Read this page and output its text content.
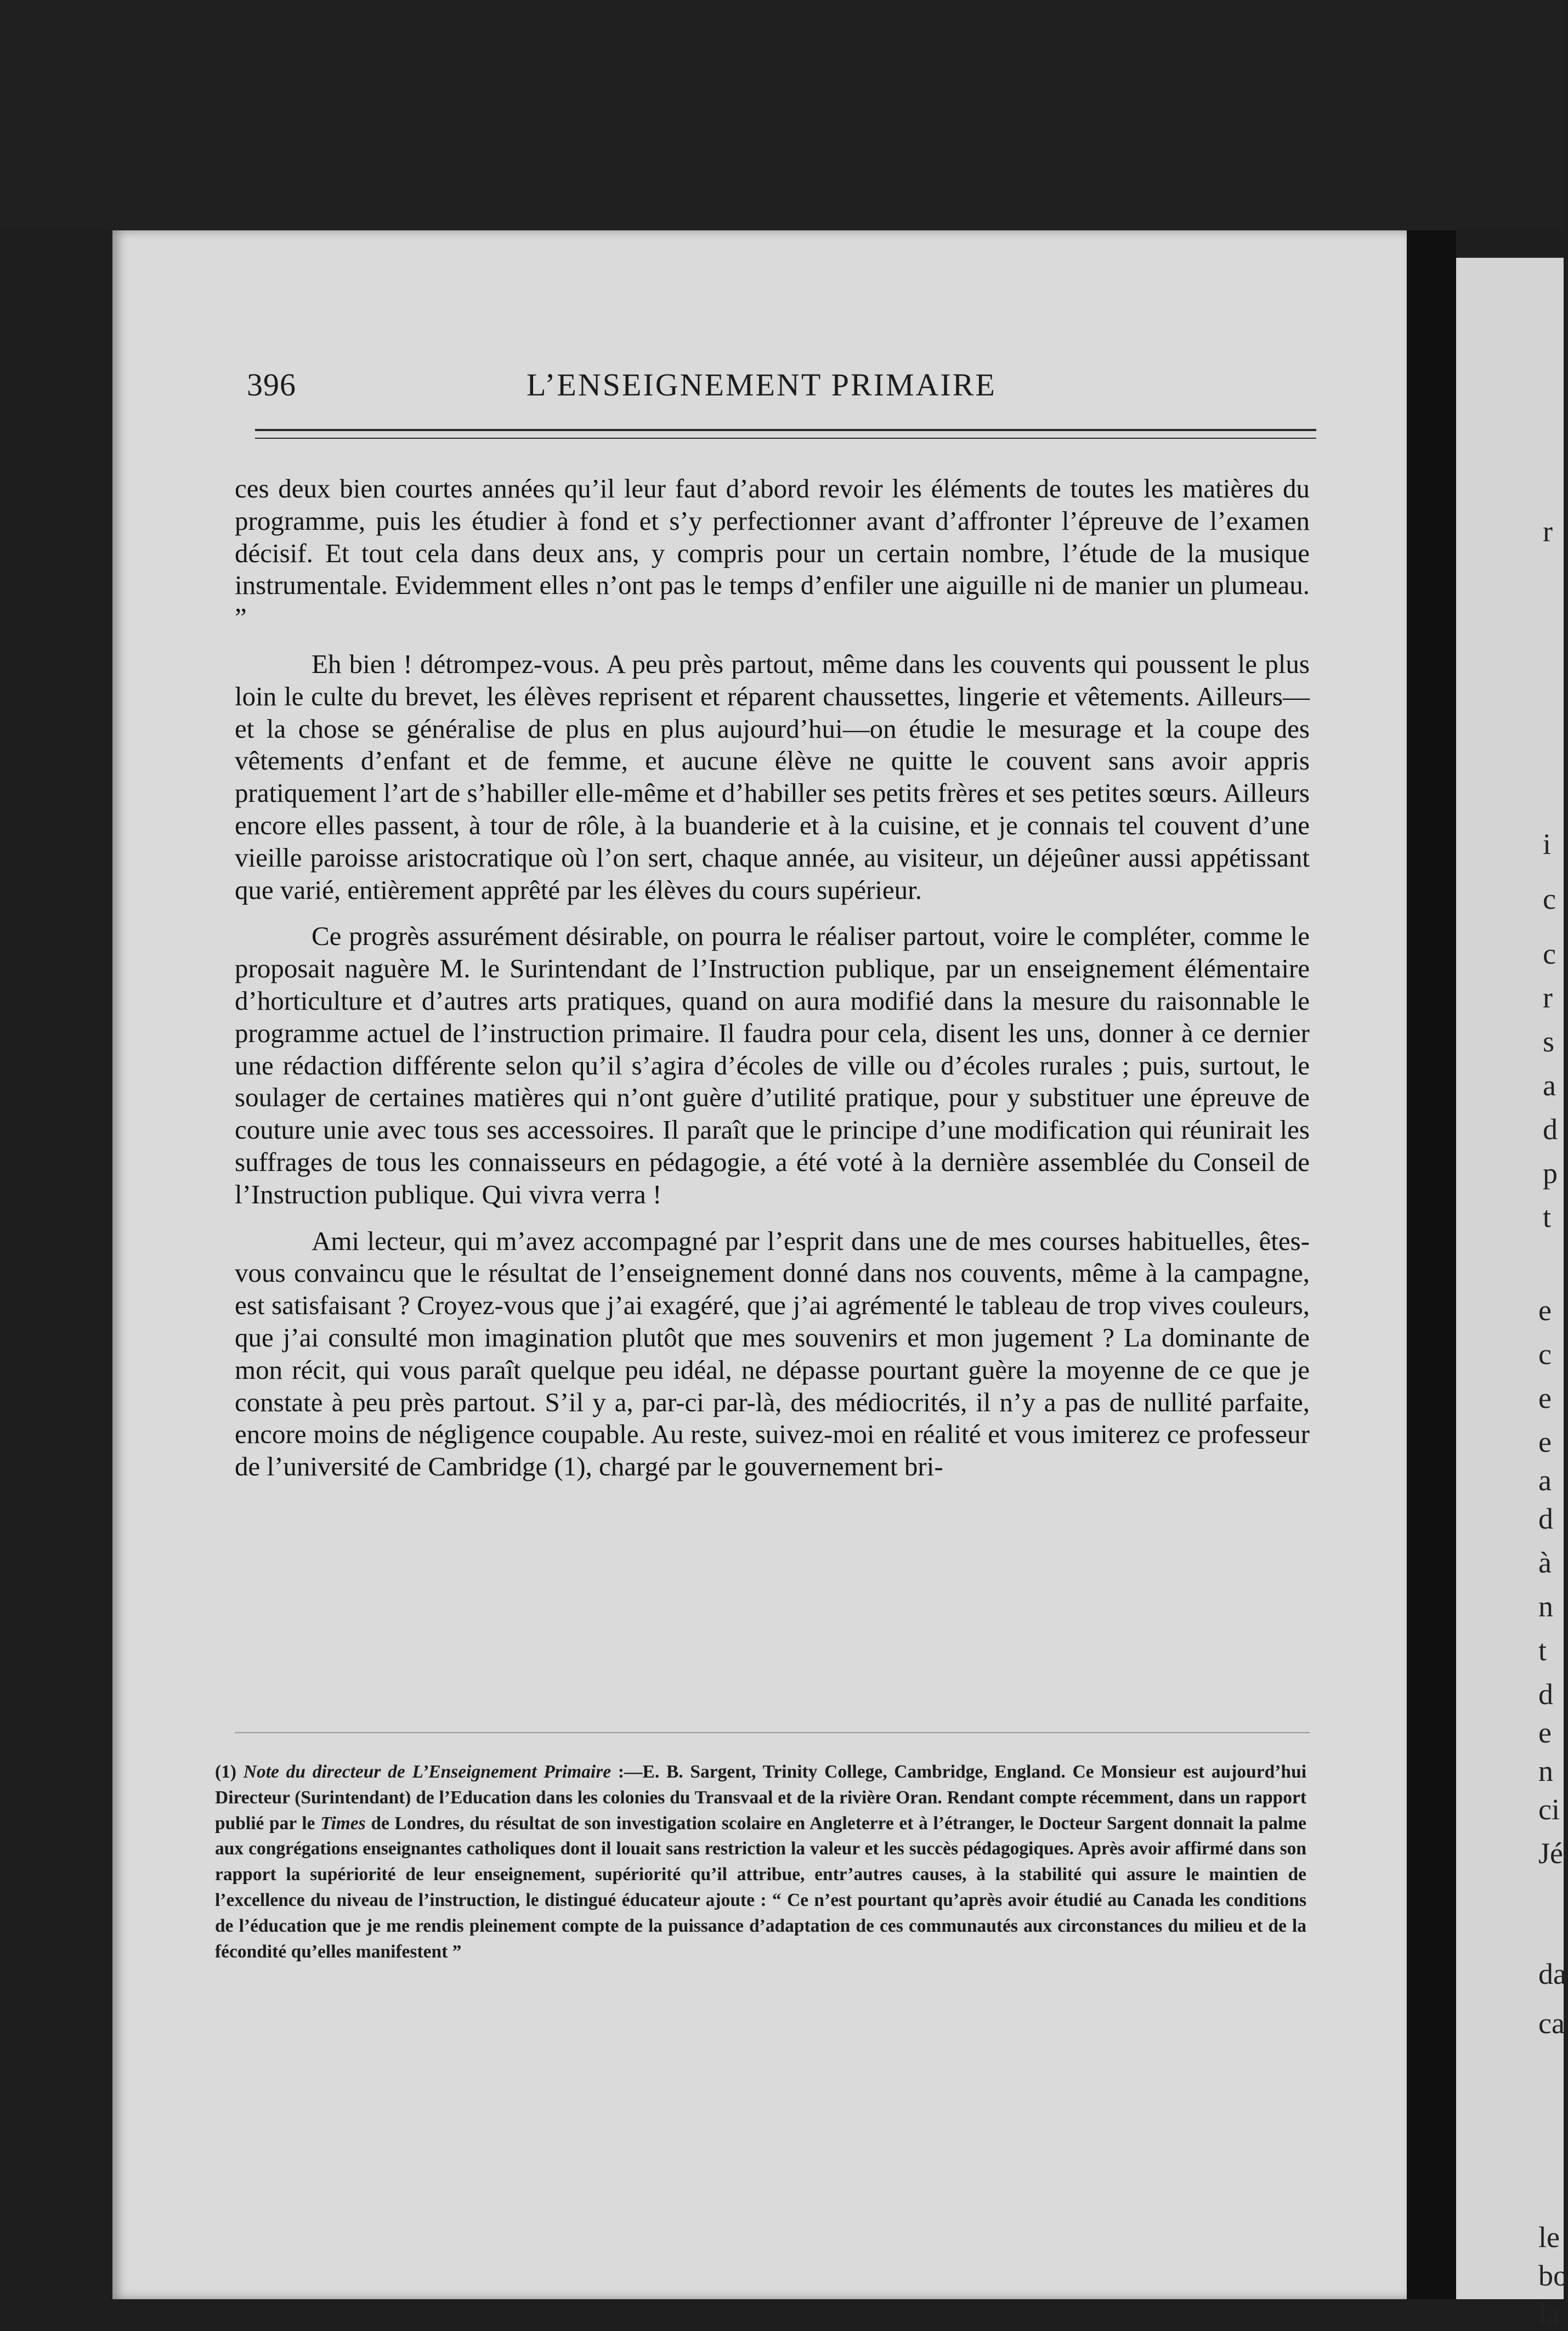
r
i
c
c
r
s
a
d
p
t
e
c
e
e
a
d
à
n
t
d
e
n
ci
Jé
da
ca
le
bo
la
396	L’ENSEIGNEMENT PRIMAIRE

ces deux bien courtes années qu’il leur faut d’abord revoir les éléments de toutes les matières du programme, puis les étudier à fond et s’y perfectionner avant d’affronter l’épreuve de l’examen décisif. Et tout cela dans deux ans, y compris pour un certain nombre, l’étude de la musique instrumentale. Evidemment elles n’ont pas le temps d’enfiler une aiguille ni de manier un plumeau. ”

Eh bien ! détrompez-vous. A peu près partout, même dans les couvents qui poussent le plus loin le culte du brevet, les élèves reprisent et réparent chaussettes, lingerie et vêtements. Ailleurs—et la chose se généralise de plus en plus aujourd’hui—on étudie le mesurage et la coupe des vêtements d’enfant et de femme, et aucune élève ne quitte le couvent sans avoir appris pratiquement l’art de s’habiller elle-même et d’habiller ses petits frères et ses petites sœurs. Ailleurs encore elles passent, à tour de rôle, à la buanderie et à la cuisine, et je connais tel couvent d’une vieille paroisse aristocratique où l’on sert, chaque année, au visiteur, un déjeûner aussi appétissant que varié, entièrement apprêté par les élèves du cours supérieur.

Ce progrès assurément désirable, on pourra le réaliser partout, voire le compléter, comme le proposait naguère M. le Surintendant de l’Instruction publique, par un enseignement élémentaire d’horticulture et d’autres arts pratiques, quand on aura modifié dans la mesure du raisonnable le programme actuel de l’instruction primaire. Il faudra pour cela, disent les uns, donner à ce dernier une rédaction différente selon qu’il s’agira d’écoles de ville ou d’écoles rurales ; puis, surtout, le soulager de certaines matières qui n’ont guère d’utilité pratique, pour y substituer une épreuve de couture unie avec tous ses accessoires. Il paraît que le principe d’une modification qui réunirait les suffrages de tous les connaisseurs en pédagogie, a été voté à la dernière assemblée du Conseil de l’Instruction publique. Qui vivra verra !

Ami lecteur, qui m’avez accompagné par l’esprit dans une de mes courses habituelles, êtes-vous convaincu que le résultat de l’enseignement donné dans nos couvents, même à la campagne, est satisfaisant ? Croyez-vous que j’ai exagéré, que j’ai agrémenté le tableau de trop vives couleurs, que j’ai consulté mon imagination plutôt que mes souvenirs et mon jugement ? La dominante de mon récit, qui vous paraît quelque peu idéal, ne dépasse pourtant guère la moyenne de ce que je constate à peu près partout. S’il y a, par-ci par-là, des médiocrités, il n’y a pas de nullité parfaite, encore moins de négligence coupable. Au reste, suivez-moi en réalité et vous imiterez ce professeur de l’université de Cambridge (1), chargé par le gouvernement bri-

(1) Note du directeur de L’Enseignement Primaire :—E. B. Sargent, Trinity College, Cambridge, England. Ce Monsieur est aujourd’hui Directeur (Surintendant) de l’Education dans les colonies du Transvaal et de la rivière Oran. Rendant compte récemment, dans un rapport publié par le Times de Londres, du résultat de son investigation scolaire en Angleterre et à l’étranger, le Docteur Sargent donnait la palme aux congrégations enseignantes catholiques dont il louait sans restriction la valeur et les succès pédagogiques. Après avoir affirmé dans son rapport la supériorité de leur enseignement, supériorité qu’il attribue, entr’autres causes, à la stabilité qui assure le maintien de l’excellence du niveau de l’instruction, le distingué éducateur ajoute : “ Ce n’est pourtant qu’après avoir étudié au Canada les conditions de l’éducation que je me rendis pleinement compte de la puissance d’adaptation de ces communautés aux circonstances du milieu et de la fécondité qu’elles manifestent ”
